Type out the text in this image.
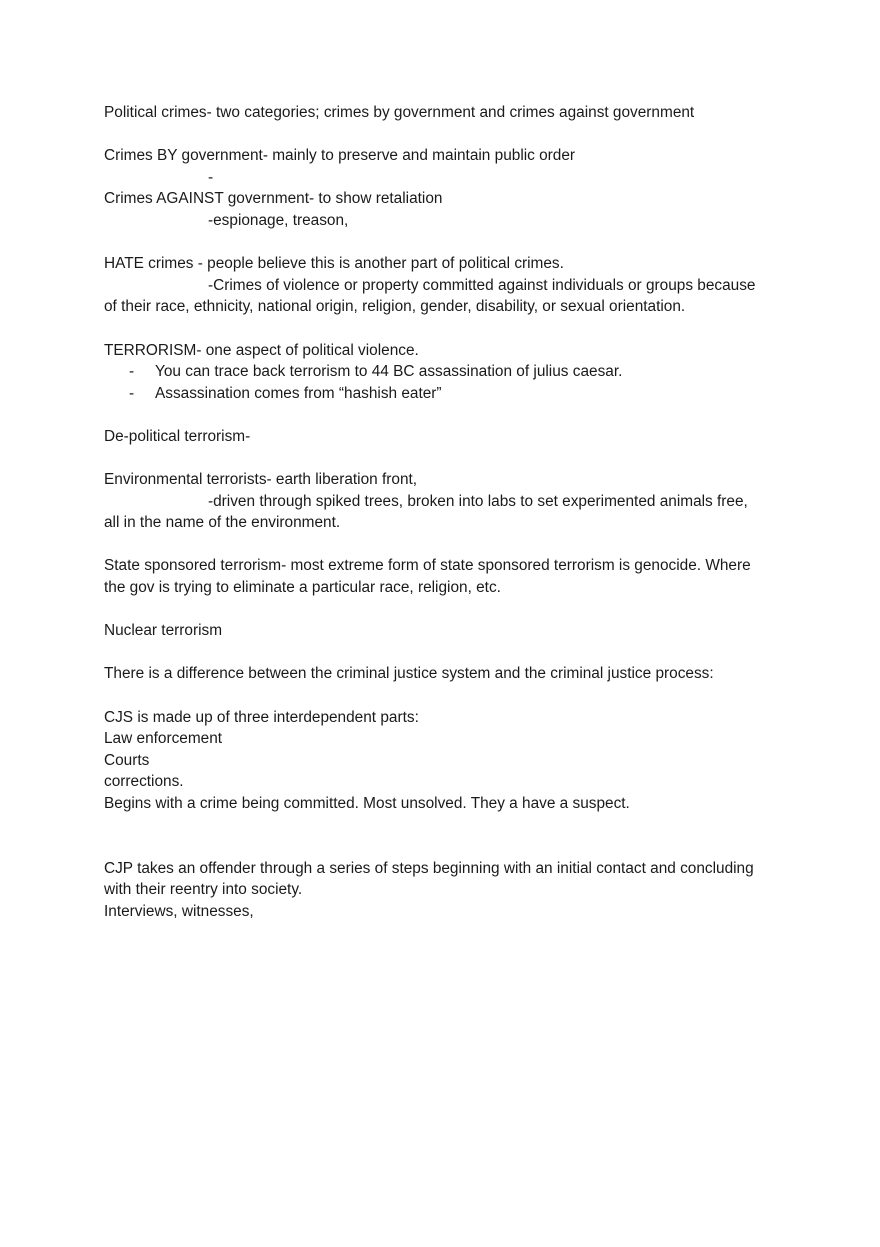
Political crimes- two categories; crimes by government and crimes against government
Crimes BY government- mainly to preserve and maintain public order
-
Crimes AGAINST government- to show retaliation
-espionage, treason,
HATE crimes - people believe this is another part of political crimes.
-Crimes of violence or property committed against individuals or groups because
of their race, ethnicity, national origin, religion, gender, disability, or sexual orientation.
TERRORISM- one aspect of political violence.
- You can trace back terrorism to 44 BC assassination of julius caesar.
- Assassination comes from “hashish eater”
De-political terrorism-
Environmental terrorists- earth liberation front,
-driven through spiked trees, broken into labs to set experimented animals free,
all in the name of the environment.
State sponsored terrorism- most extreme form of state sponsored terrorism is genocide. Where
the gov is trying to eliminate a particular race, religion, etc.
Nuclear terrorism
There is a difference between the criminal justice system and the criminal justice process:
CJS is made up of three interdependent parts:
Law enforcement
Courts
corrections.
Begins with a crime being committed. Most unsolved. They a have a suspect.
CJP takes an offender through a series of steps beginning with an initial contact and concluding
with their reentry into society.
Interviews, witnesses,
